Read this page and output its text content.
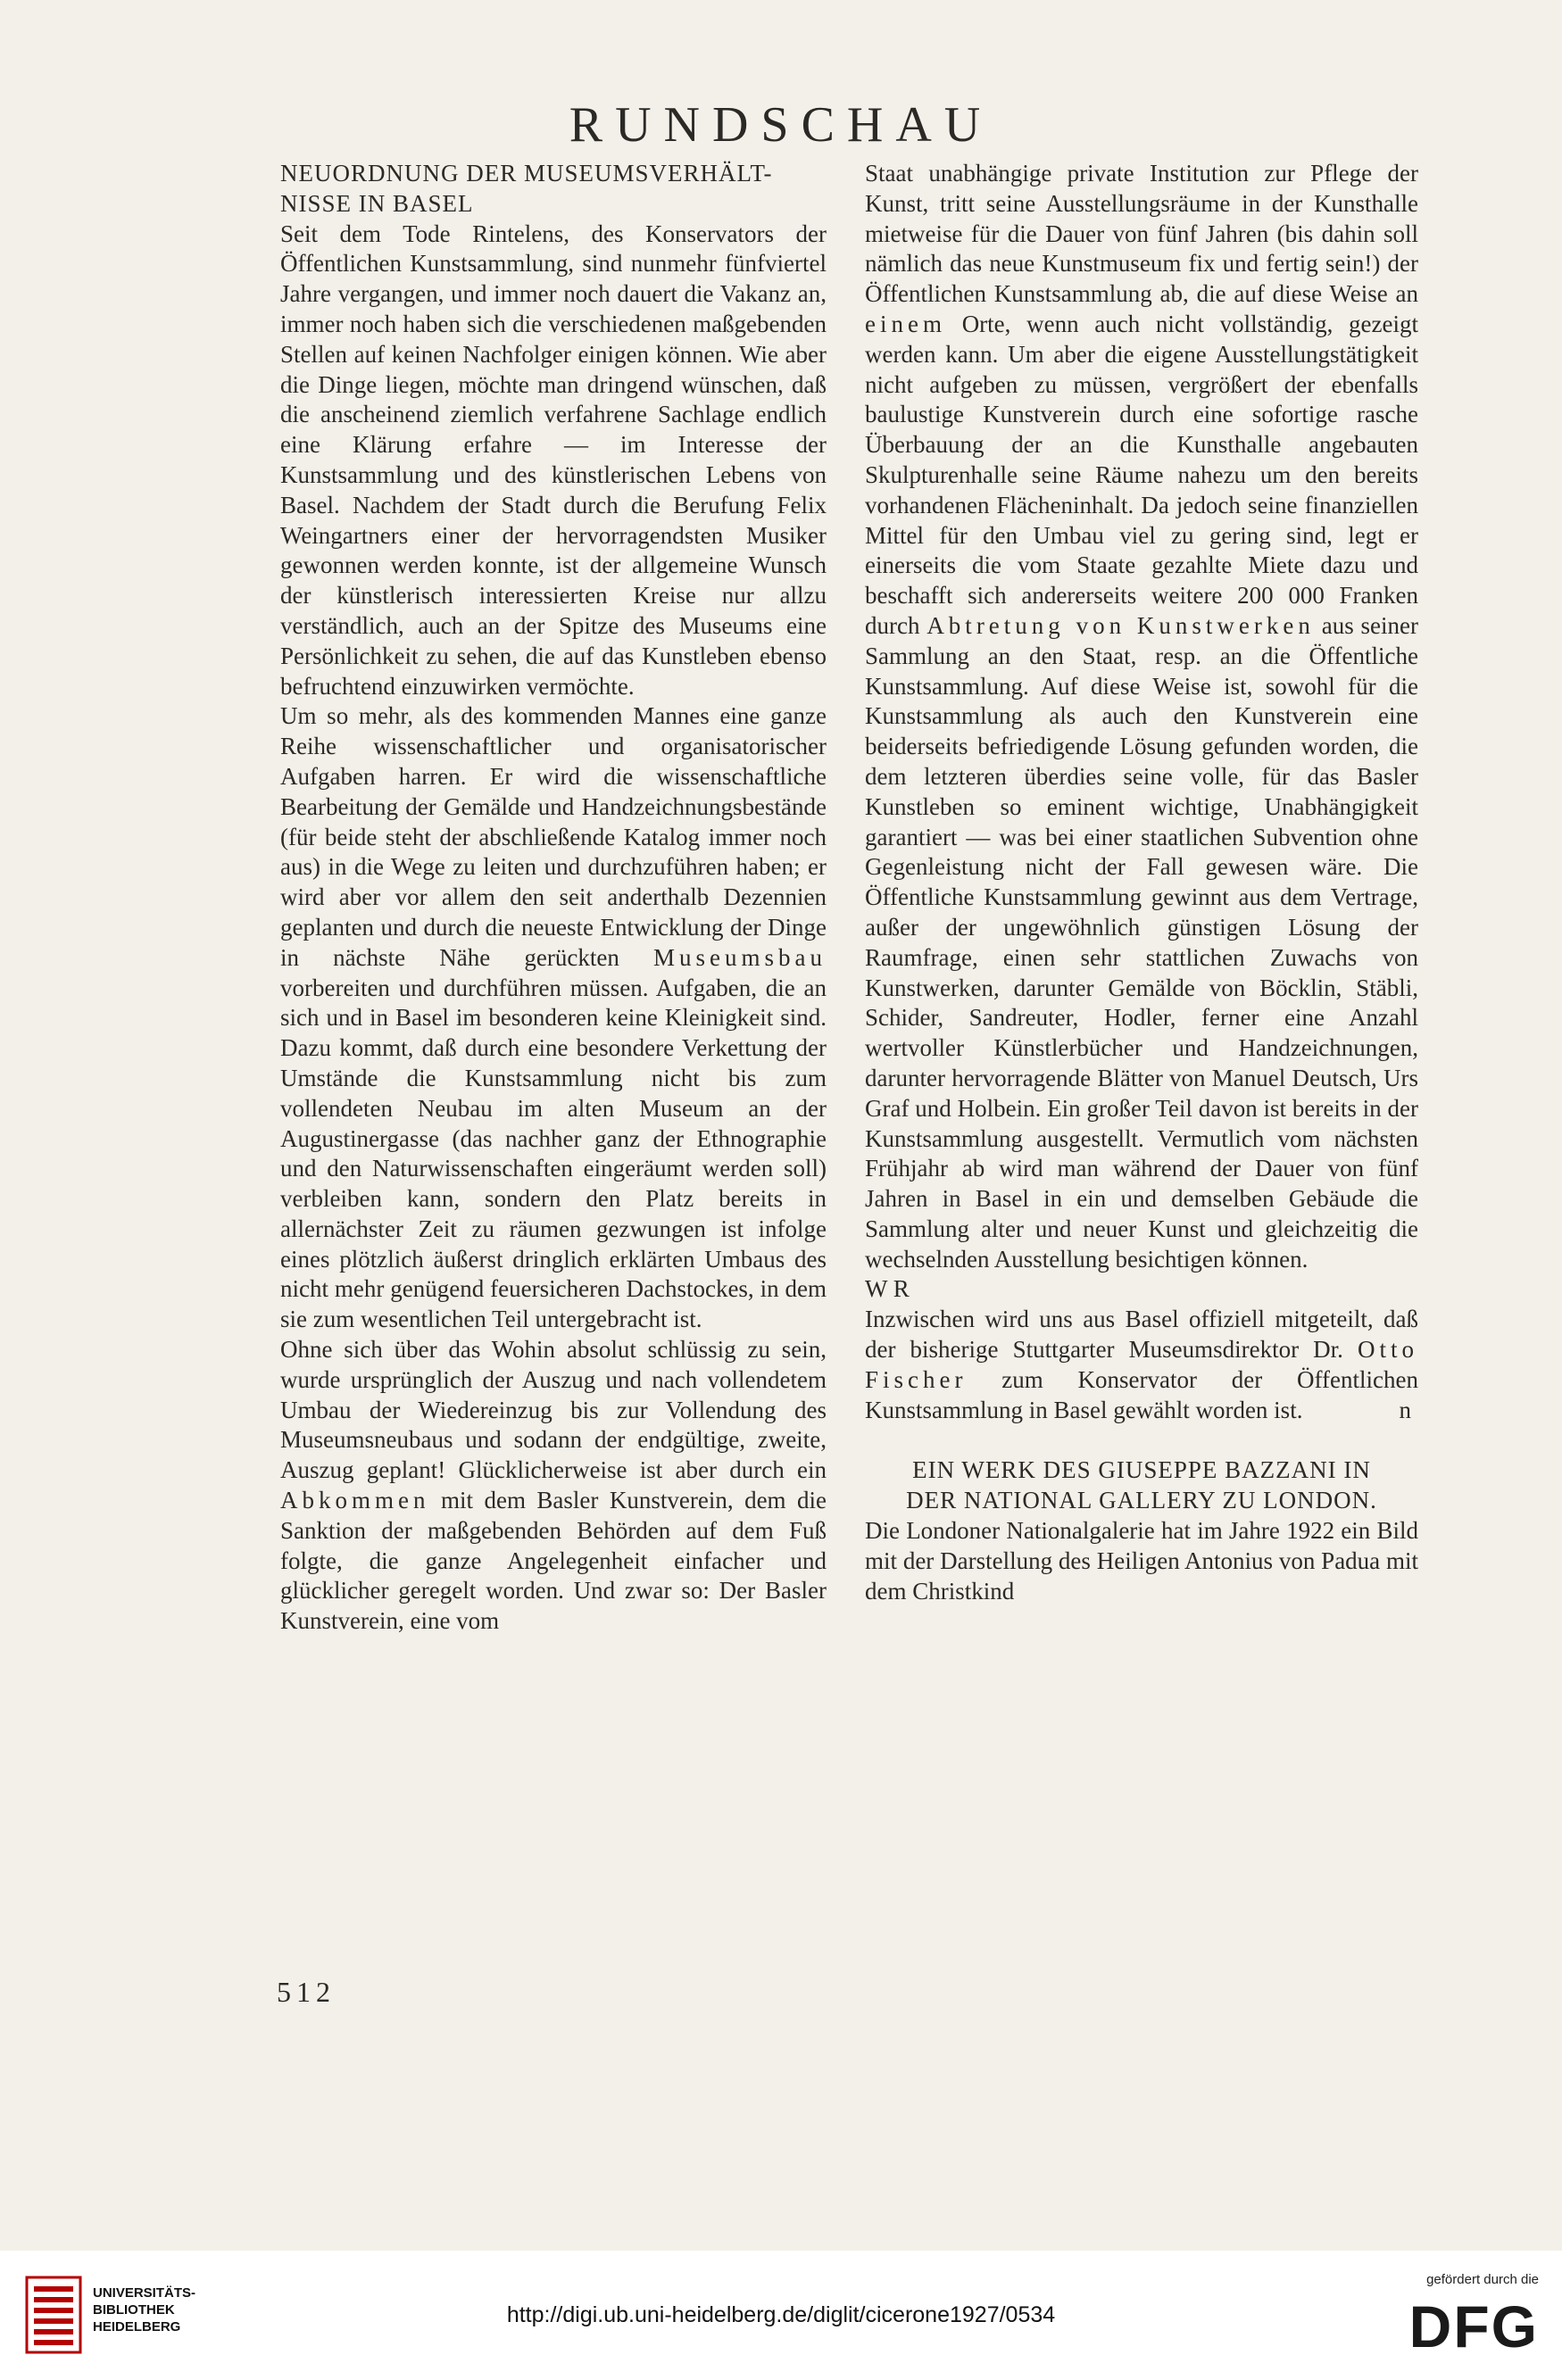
RUNDSCHAU
NEUORDNUNG DER MUSEUMSVERHÄLT-
NISSE IN BASEL

Seit dem Tode Rintelens, des Konservators der Öffentlichen Kunstsammlung, sind nunmehr fünfviertel Jahre vergangen, und immer noch dauert die Vakanz an, immer noch haben sich die verschiedenen maßgebenden Stellen auf keinen Nachfolger einigen können. Wie aber die Dinge liegen, möchte man dringend wünschen, daß die anscheinend ziemlich verfahrene Sachlage endlich eine Klärung erfahre — im Interesse der Kunstsammlung und des künstlerischen Lebens von Basel. Nachdem der Stadt durch die Berufung Felix Weingartners einer der hervorragendsten Musiker gewonnen werden konnte, ist der allgemeine Wunsch der künstlerisch interessierten Kreise nur allzu verständlich, auch an der Spitze des Museums eine Persönlichkeit zu sehen, die auf das Kunstleben ebenso befruchtend einzuwirken vermöchte.

Um so mehr, als des kommenden Mannes eine ganze Reihe wissenschaftlicher und organisatorischer Aufgaben harren. Er wird die wissenschaftliche Bearbeitung der Gemälde und Handzeichnungsbestände (für beide steht der abschließende Katalog immer noch aus) in die Wege zu leiten und durchzuführen haben; er wird aber vor allem den seit anderthalb Dezennien geplanten und durch die neueste Entwicklung der Dinge in nächste Nähe gerückten Museumsbau vorbereiten und durchführen müssen. Aufgaben, die an sich und in Basel im besonderen keine Kleinigkeit sind. Dazu kommt, daß durch eine besondere Verkettung der Umstände die Kunstsammlung nicht bis zum vollendeten Neubau im alten Museum an der Augustinergasse (das nachher ganz der Ethnographie und den Naturwissenschaften eingeräumt werden soll) verbleiben kann, sondern den Platz bereits in allernächster Zeit zu räumen gezwungen ist infolge eines plötzlich äußerst dringlich erklärten Umbaus des nicht mehr genügend feuersicheren Dachstockes, in dem sie zum wesentlichen Teil untergebracht ist.

Ohne sich über das Wohin absolut schlüssig zu sein, wurde ursprünglich der Auszug und nach vollendetem Umbau der Wiedereinzug bis zur Vollendung des Museumsneubaus und sodann der endgültige, zweite, Auszug geplant! Glücklicherweise ist aber durch ein Abkommen mit dem Basler Kunstverein, dem die Sanktion der maßgebenden Behörden auf dem Fuß folgte, die ganze Angelegenheit einfacher und glücklicher geregelt worden. Und zwar so: Der Basler Kunstverein, eine vom

Staat unabhängige private Institution zur Pflege der Kunst, tritt seine Ausstellungsräume in der Kunsthalle mietweise für die Dauer von fünf Jahren (bis dahin soll nämlich das neue Kunstmuseum fix und fertig sein!) der Öffentlichen Kunstsammlung ab, die auf diese Weise an einem Orte, wenn auch nicht vollständig, gezeigt werden kann. Um aber die eigene Ausstellungstätigkeit nicht aufgeben zu müssen, vergrößert der ebenfalls baulustige Kunstverein durch eine sofortige rasche Überbauung der an die Kunsthalle angebauten Skulpturenhalle seine Räume nahezu um den bereits vorhandenen Flächeninhalt. Da jedoch seine finanziellen Mittel für den Umbau viel zu gering sind, legt er einerseits die vom Staate gezahlte Miete dazu und beschafft sich andererseits weitere 200 000 Franken durch Abtretung von Kunstwerken aus seiner Sammlung an den Staat, resp. an die Öffentliche Kunstsammlung. Auf diese Weise ist, sowohl für die Kunstsammlung als auch den Kunstverein eine beiderseits befriedigende Lösung gefunden worden, die dem letzteren überdies seine volle, für das Basler Kunstleben so eminent wichtige, Unabhängigkeit garantiert — was bei einer staatlichen Subvention ohne Gegenleistung nicht der Fall gewesen wäre. Die Öffentliche Kunstsammlung gewinnt aus dem Vertrage, außer der ungewöhnlich günstigen Lösung der Raumfrage, einen sehr stattlichen Zuwachs von Kunstwerken, darunter Gemälde von Böcklin, Stäbli, Schider, Sandreuter, Hodler, ferner eine Anzahl wertvoller Künstlerbücher und Handzeichnungen, darunter hervorragende Blätter von Manuel Deutsch, Urs Graf und Holbein. Ein großer Teil davon ist bereits in der Kunstsammlung ausgestellt. Vermutlich vom nächsten Frühjahr ab wird man während der Dauer von fünf Jahren in Basel in ein und demselben Gebäude die Sammlung alter und neuer Kunst und gleichzeitig die wechselnden Ausstellung besichtigen können.

W R

Inzwischen wird uns aus Basel offiziell mitgeteilt, daß der bisherige Stuttgarter Museumsdirektor Dr. Otto Fischer zum Konservator der Öffentlichen Kunstsammlung in Basel gewählt worden ist.	n

EIN WERK DES GIUSEPPE BAZZANI IN
DER NATIONAL GALLERY ZU LONDON.

Die Londoner Nationalgalerie hat im Jahre 1922 ein Bild mit der Darstellung des Heiligen Antonius von Padua mit dem Christkind

512
UNIVERSITÄTS-
BIBLIOTHEK
HEIDELBERG	http://digi.ub.uni-heidelberg.de/diglit/cicerone1927/0534
gefördert durch die
DFG
